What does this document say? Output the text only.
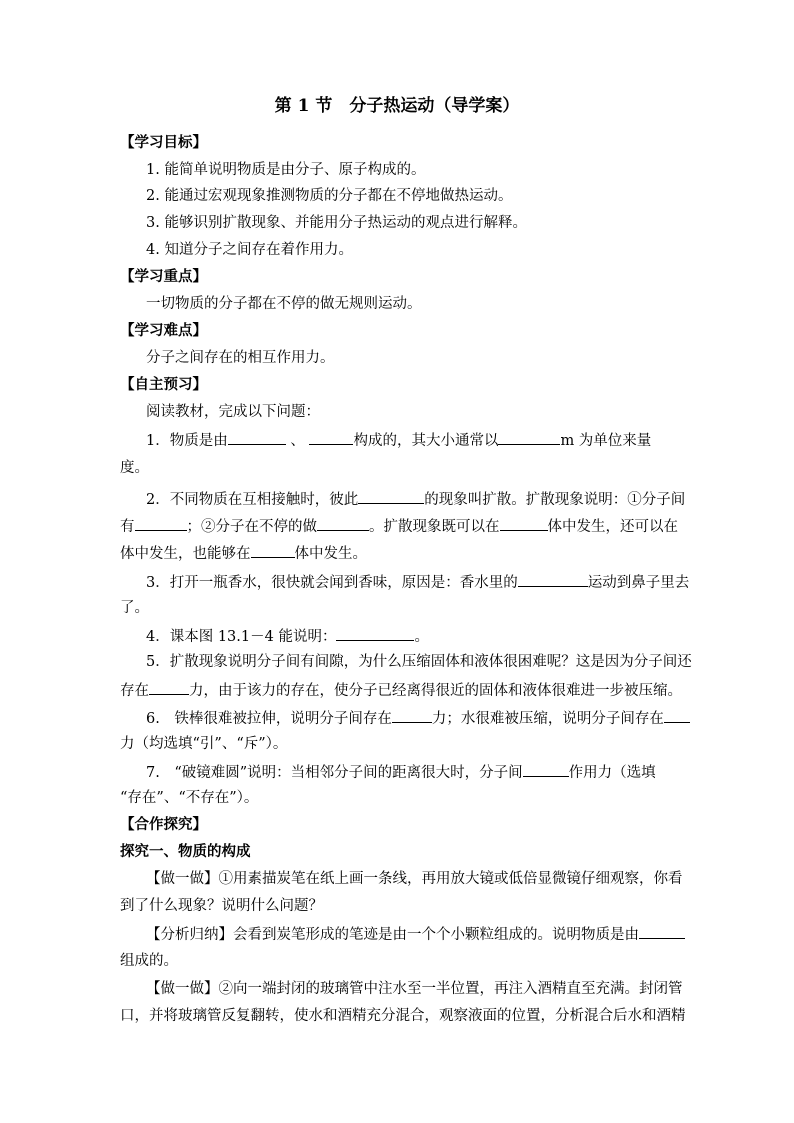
第 1 节　分子热运动（导学案）
【学习目标】
1. 能简单说明物质是由分子、原子构成的。
2. 能通过宏观现象推测物质的分子都在不停地做热运动。
3. 能够识别扩散现象、并能用分子热运动的观点进行解释。
4. 知道分子之间存在着作用力。
【学习重点】
一切物质的分子都在不停的做无规则运动。
【学习难点】
分子之间存在的相互作用力。
【自主预习】
阅读教材，完成以下问题：
1．物质是由	、	构成的，其大小通常以	m 为单位来量
度。
2．不同物质在互相接触时，彼此	的现象叫扩散。扩散现象说明：①分子间
有	；②分子在不停的做	。扩散现象既可以在	体中发生，还可以在
体中发生，也能够在	体中发生。
3．打开一瓶香水，很快就会闻到香味，原因是：香水里的	运动到鼻子里去
了。
4．课本图 13.1－4 能说明：	。
5．扩散现象说明分子间有间隙，为什么压缩固体和液体很困难呢？这是因为分子间还
存在	力，由于该力的存在，使分子已经离得很近的固体和液体很难进一步被压缩。
6.　铁棒很难被拉伸，说明分子间存在	力；水很难被压缩，说明分子间存在
力（均选填“引”、“斥”）。
7.　“破镜难圆”说明：当相邻分子间的距离很大时，分子间	作用力（选填
“存在”、“不存在”）。
【合作探究】
探究一、物质的构成
【做一做】①用素描炭笔在纸上画一条线，再用放大镜或低倍显微镜仔细观察，你看
到了什么现象？说明什么问题？
【分析归纳】会看到炭笔形成的笔迹是由一个个小颗粒组成的。说明物质是由
组成的。
【做一做】②向一端封闭的玻璃管中注水至一半位置，再注入酒精直至充满。封闭管
口，并将玻璃管反复翻转，使水和酒精充分混合，观察液面的位置，分析混合后水和酒精
